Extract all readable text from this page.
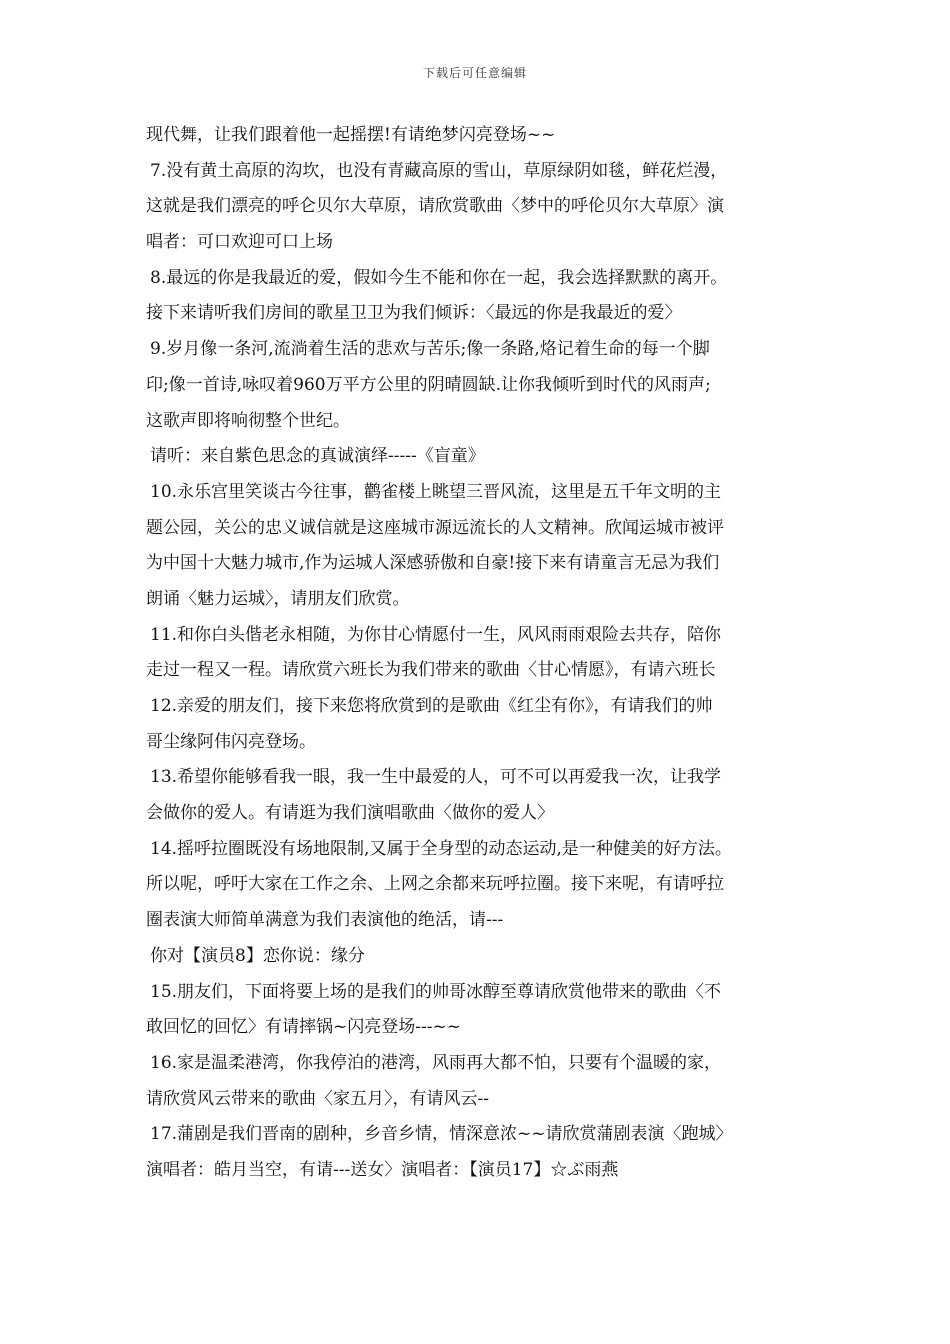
下载后可任意编辑
现代舞，让我们跟着他一起摇摆!有请绝梦闪亮登场~~
7.没有黄土高原的沟坎，也没有青藏高原的雪山，草原绿阴如毯，鲜花烂漫，
这就是我们漂亮的呼仑贝尔大草原，请欣赏歌曲〈梦中的呼伦贝尔大草原〉演
唱者：可口欢迎可口上场
8.最远的你是我最近的爱，假如今生不能和你在一起，我会选择默默的离开。
接下来请听我们房间的歌星卫卫为我们倾诉：〈最远的你是我最近的爱〉
9.岁月像一条河,流淌着生活的悲欢与苦乐;像一条路,烙记着生命的每一个脚
印;像一首诗,咏叹着960万平方公里的阴晴圆缺.让你我倾听到时代的风雨声;
这歌声即将响彻整个世纪。
请听：来自紫色思念的真诚演绎-----《盲童》
10.永乐宫里笑谈古今往事，鹳雀楼上眺望三晋风流，这里是五千年文明的主
题公园，关公的忠义诚信就是这座城市源远流长的人文精神。欣闻运城市被评
为中国十大魅力城市,作为运城人深感骄傲和自豪!接下来有请童言无忌为我们
朗诵〈魅力运城〉，请朋友们欣赏。
11.和你白头偕老永相随，为你甘心情愿付一生，风风雨雨艰险去共存，陪你
走过一程又一程。请欣赏六班长为我们带来的歌曲〈甘心情愿》，有请六班长
12.亲爱的朋友们，接下来您将欣赏到的是歌曲《红尘有你》，有请我们的帅
哥尘缘阿伟闪亮登场。
13.希望你能够看我一眼，我一生中最爱的人，可不可以再爱我一次，让我学
会做你的爱人。有请逛为我们演唱歌曲〈做你的爱人〉
14.摇呼拉圈既没有场地限制,又属于全身型的动态运动,是一种健美的好方法。
所以呢，呼吁大家在工作之余、上网之余都来玩呼拉圈。接下来呢，有请呼拉
圈表演大师简单满意为我们表演他的绝活，请---
你对【演员8】恋你说：缘分
15.朋友们，下面将要上场的是我们的帅哥冰醇至尊请欣赏他带来的歌曲〈不
敢回忆的回忆〉有请摔锅~闪亮登场---~~
16.家是温柔港湾，你我停泊的港湾，风雨再大都不怕，只要有个温暖的家，
请欣赏风云带来的歌曲〈家五月〉，有请风云--
17.蒲剧是我们晋南的剧种，乡音乡情，情深意浓~~请欣赏蒲剧表演〈跑城〉
演唱者：皓月当空，有请---送女〉演唱者：【演员17】☆ぶ雨燕
